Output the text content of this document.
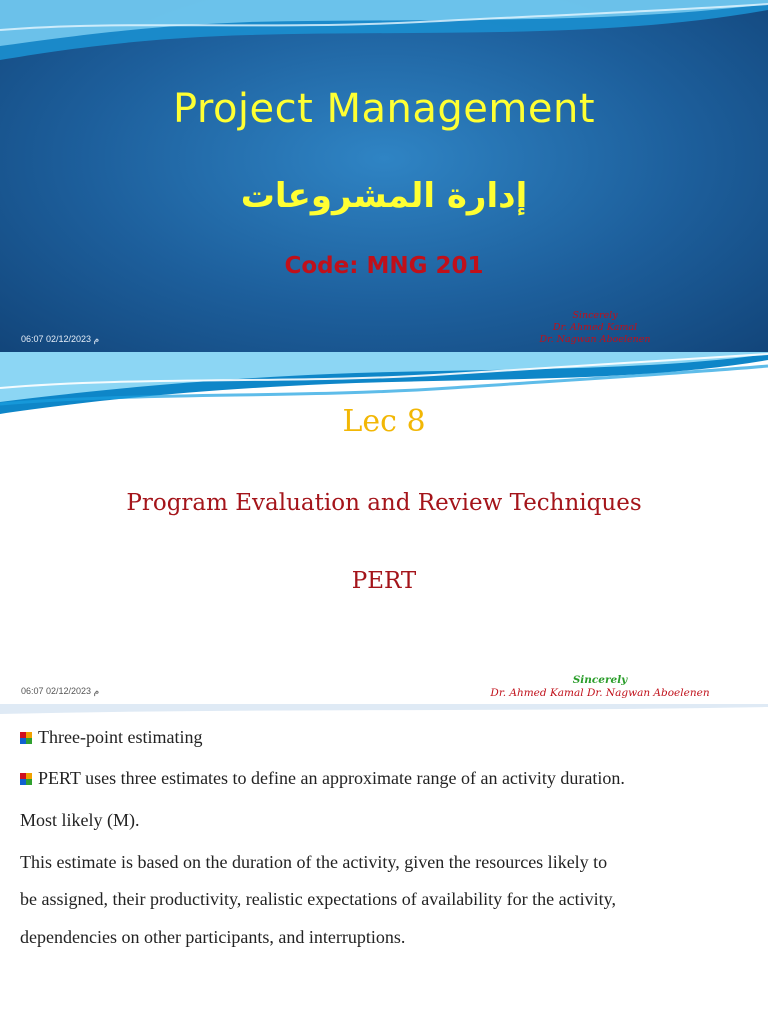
Project Management
إدارة المشروعات
Code: MNG 201
06:07 02/12/2023 م
Sincerely
Dr. Ahmed Kamal
Dr. Nagwan Aboelenen
Lec 8
Program Evaluation and Review Techniques
PERT
06:07 02/12/2023 م
Sincerely
Dr. Ahmed Kamal Dr. Nagwan Aboelenen
Three-point estimating
PERT uses three estimates to define an approximate range of an activity duration.
Most likely (M).
This estimate is based on the duration of the activity, given the resources likely to
be assigned, their productivity, realistic expectations of availability for the activity,
dependencies on other participants, and interruptions.
